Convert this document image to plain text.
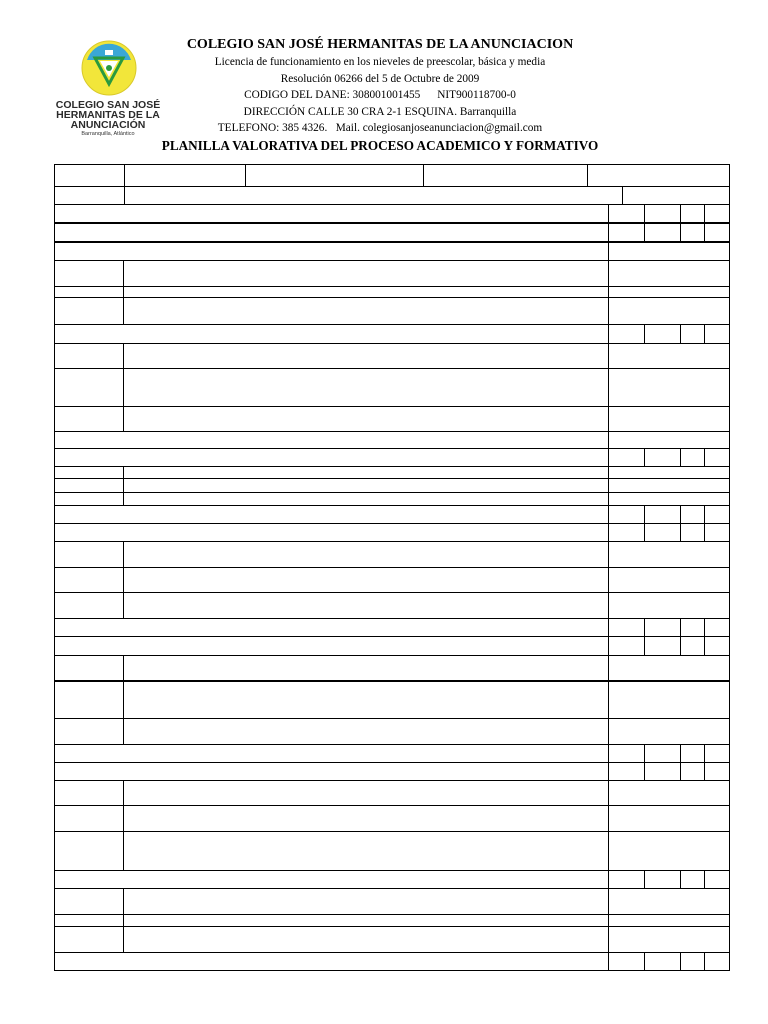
COLEGIO SAN JOSÉ
HERMANITAS DE LA
ANUNCIACIÓN
Barranquilla, Atlántico
COLEGIO SAN JOSÉ HERMANITAS DE LA ANUNCIACION
Licencia de funcionamiento en los nieveles de preescolar, básica y media
Resolución 06266 del 5 de Octubre de 2009
CODIGO DEL DANE: 308001001455      NIT900118700-0
DIRECCIÓN CALLE 30 CRA 2-1 ESQUINA. Barranquilla
TELEFONO: 385 4326.   Mail. colegiosanjoseanunciacion@gmail.com
PLANILLA VALORATIVA DEL PROCESO ACADEMICO Y FORMATIVO
